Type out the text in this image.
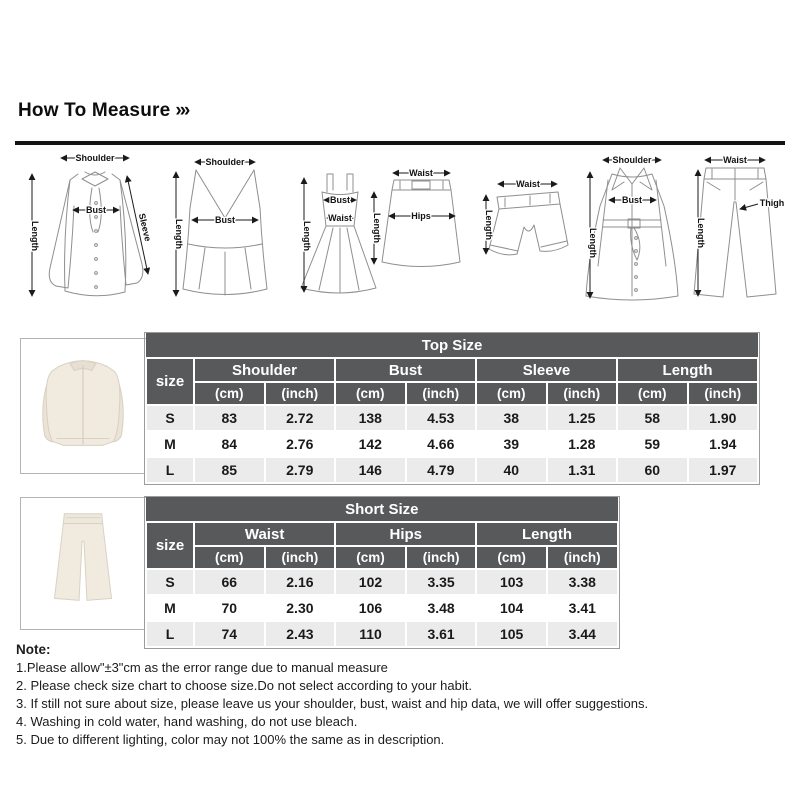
How To Measure ›››
Shoulder
Length
Bust
Sleeve
Shoulder
Length	Bust
Length
Bust
Waist
Waist
Hips
Length
Waist
Length
Shoulder
Bust
Length
Waist
Length
Thigh
Top Size								
size	Shoulder		Bust		Sleeve		Length	
	(cm)	(inch)	(cm)	(inch)	(cm)	(inch)	(cm)	(inch)
S	83	2.72	138	4.53	38	1.25	58	1.90
M	84	2.76	142	4.66	39	1.28	59	1.94
L	85	2.79	146	4.79	40	1.31	60	1.97
Short Size						
size	Waist		Hips		Length	
	(cm)	(inch)	(cm)	(inch)	(cm)	(inch)
S	66	2.16	102	3.35	103	3.38
M	70	2.30	106	3.48	104	3.41
L	74	2.43	110	3.61	105	3.44
Note:
1.Please allow"±3"cm as the error range due to manual measure
2. Please check size chart to choose size.Do not select according to your habit.
3. If still not sure about size, please leave us your shoulder, bust, waist and hip data, we will offer suggestions.
4. Washing in cold water, hand washing, do not use bleach.
5. Due to different lighting, color may not 100% the same as in description.
